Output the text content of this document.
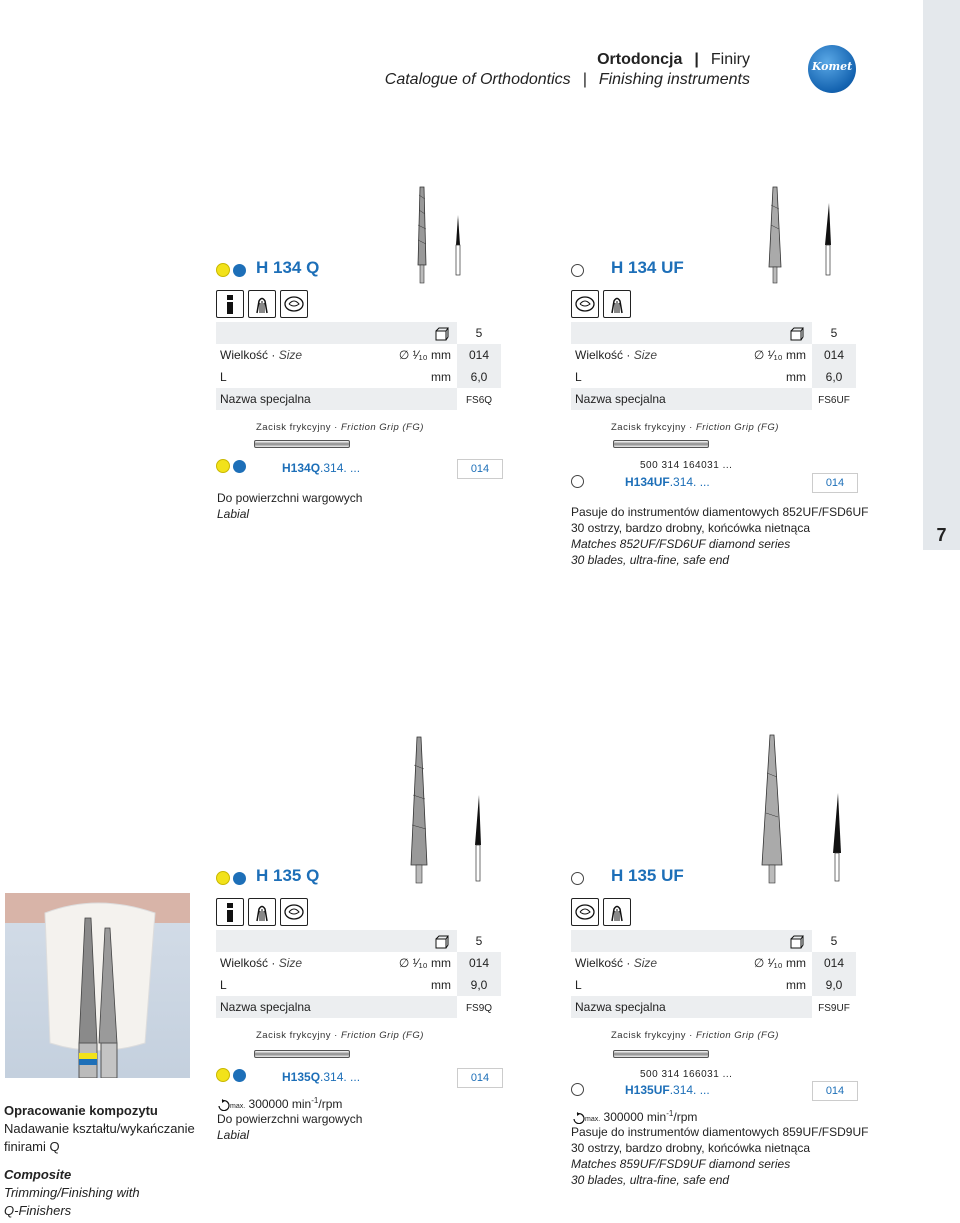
7
Ortodoncja | Finiry
Catalogue of Orthodontics | Finishing instruments
Komet
H 134 Q
5
Wielkość · Size	∅ ¹⁄₁₀ mm	014
L	mm	6,0
Nazwa specjalna	FS6Q
Zacisk frykcyjny · Friction Grip (FG)
H134Q.314. ...	014
Do powierzchni wargowych
Labial
H 134 UF
5
Wielkość · Size	∅ ¹⁄₁₀ mm	014
L	mm	6,0
Nazwa specjalna	FS6UF
Zacisk frykcyjny · Friction Grip (FG)
500 314 164031 ...
H134UF.314. ...	014
Pasuje do instrumentów diamentowych 852UF/FSD6UF
30 ostrzy, bardzo drobny, końcówka nietnąca
Matches 852UF/FSD6UF diamond series
30 blades, ultra-fine, safe end
H 135 Q
5
Wielkość · Size	∅ ¹⁄₁₀ mm	014
L	mm	9,0
Nazwa specjalna	FS9Q
Zacisk frykcyjny · Friction Grip (FG)
H135Q.314. ...	014
max. 300000 $\min^{-1}$/rpm
Do powierzchni wargowych
Labial
H 135 UF
5
Wielkość · Size	∅ ¹⁄₁₀ mm	014
L	mm	9,0
Nazwa specjalna	FS9UF
Zacisk frykcyjny · Friction Grip (FG)
500 314 166031 ...
H135UF.314. ...	014
max. 300000 $\min^{-1}$/rpm
Pasuje do instrumentów diamentowych 859UF/FSD9UF
30 ostrzy, bardzo drobny, końcówka nietnąca
Matches 859UF/FSD9UF diamond series
30 blades, ultra-fine, safe end
Opracowanie kompozytu
Nadawanie kształtu/wykańczanie
finirami Q
Composite
Trimming/Finishing with
Q-Finishers
